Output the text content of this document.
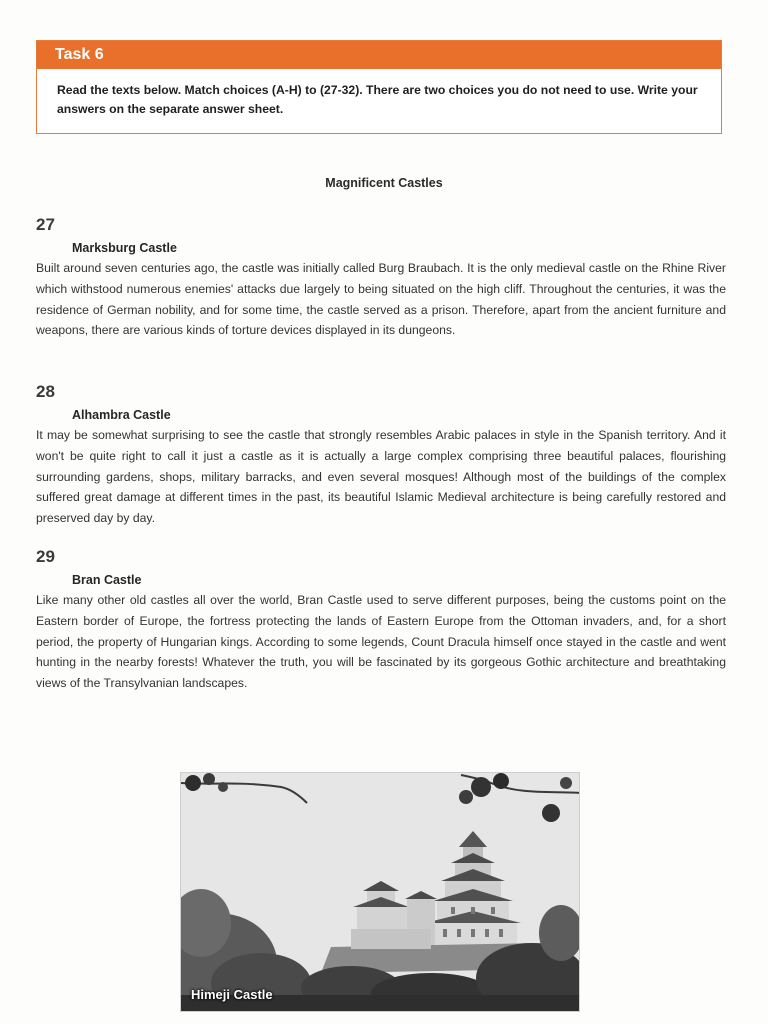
Task 6
Read the texts below. Match choices (A-H) to (27-32). There are two choices you do not need to use. Write your answers on the separate answer sheet.
Magnificent Castles
27
Marksburg Castle
Built around seven centuries ago, the castle was initially called Burg Braubach. It is the only medieval castle on the Rhine River which withstood numerous enemies' attacks due largely to being situated on the high cliff. Throughout the centuries, it was the residence of German nobility, and for some time, the castle served as a prison. Therefore, apart from the ancient furniture and weapons, there are various kinds of torture devices displayed in its dungeons.
28
Alhambra Castle
It may be somewhat surprising to see the castle that strongly resembles Arabic palaces in style in the Spanish territory. And it won't be quite right to call it just a castle as it is actually a large complex comprising three beautiful palaces, flourishing surrounding gardens, shops, military barracks, and even several mosques! Although most of the buildings of the complex suffered great damage at different times in the past, its beautiful Islamic Medieval architecture is being carefully restored and preserved day by day.
29
Bran Castle
Like many other old castles all over the world, Bran Castle used to serve different purposes, being the customs point on the Eastern border of Europe, the fortress protecting the lands of Eastern Europe from the Ottoman invaders, and, for a short period, the property of Hungarian kings. According to some legends, Count Dracula himself once stayed in the castle and went hunting in the nearby forests! Whatever the truth, you will be fascinated by its gorgeous Gothic architecture and breathtaking views of the Transylvanian landscapes.
Himeji Castle
